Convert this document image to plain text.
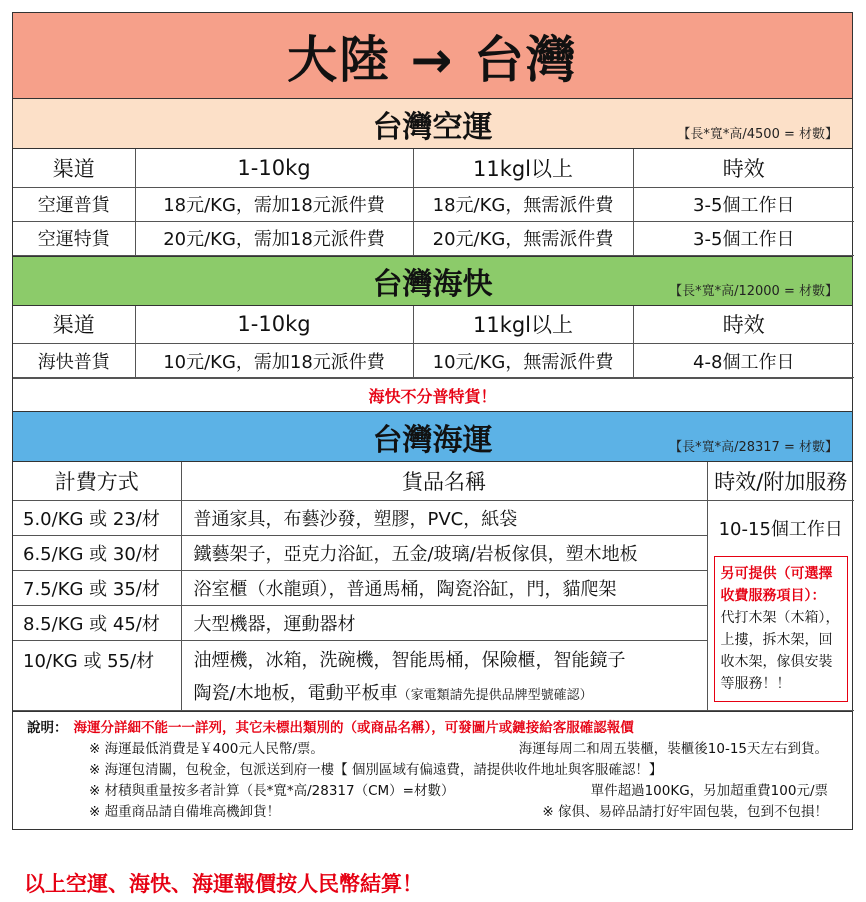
大陸 → 台灣
台灣空運	【長*寬*高/4500 = 材數】
渠道	1-10kg	11kgl以上	時效
空運普貨	18元/KG，需加18元派件費	18元/KG，無需派件費	3-5個工作日
空運特貨	20元/KG，需加18元派件費	20元/KG，無需派件費	3-5個工作日
台灣海快	【長*寬*高/12000 = 材數】
渠道	1-10kg	11kgl以上	時效
海快普貨	10元/KG，需加18元派件費	10元/KG，無需派件費	4-8個工作日
海快不分普特貨！
台灣海運	【長*寬*高/28317 = 材數】
計費方式	貨品名稱	時效/附加服務
5.0/KG 或 23/材	普通家具，布藝沙發，塑膠，PVC，紙袋	10-15個工作日
另可提供（可選擇收費服務項目）：
代打木架（木箱），上摟，拆木架，回收木架，傢俱安裝等服務！！

6.5/KG 或 30/材	鐵藝架子，亞克力浴缸，五金/玻璃/岩板傢俱，塑木地板	
7.5/KG 或 35/材	浴室櫃（水龍頭），普通馬桶，陶瓷浴缸，門，貓爬架	
8.5/KG 或 45/材	大型機器，運動器材	
10/KG 或 55/材	油煙機，冰箱，洗碗機，智能馬桶，保險櫃，智能鏡子	
	陶瓷/木地板，電動平板車（家電類請先提供品牌型號確認）	
說明： 海運分詳細不能一一詳列，其它未標出類別的（或商品名稱），可發圖片或鏈接給客服確認報價
※ 海運最低消費是￥400元人民幣/票。	海運每周二和周五裝櫃，裝櫃後10-15天左右到貨。
※ 海運包清關，包稅金，包派送到府一樓【 個別區域有偏遠費，請提供收件地址與客服確認！】
※ 材積與重量按多者計算（長*寬*高/28317（CM）=材數）	單件超過100KG，另加超重費100元/票
※ 超重商品請自備堆高機卸貨！	※ 傢俱、易碎品請打好牢固包裝，包到不包損！
以上空運、海快、海運報價按人民幣結算！
